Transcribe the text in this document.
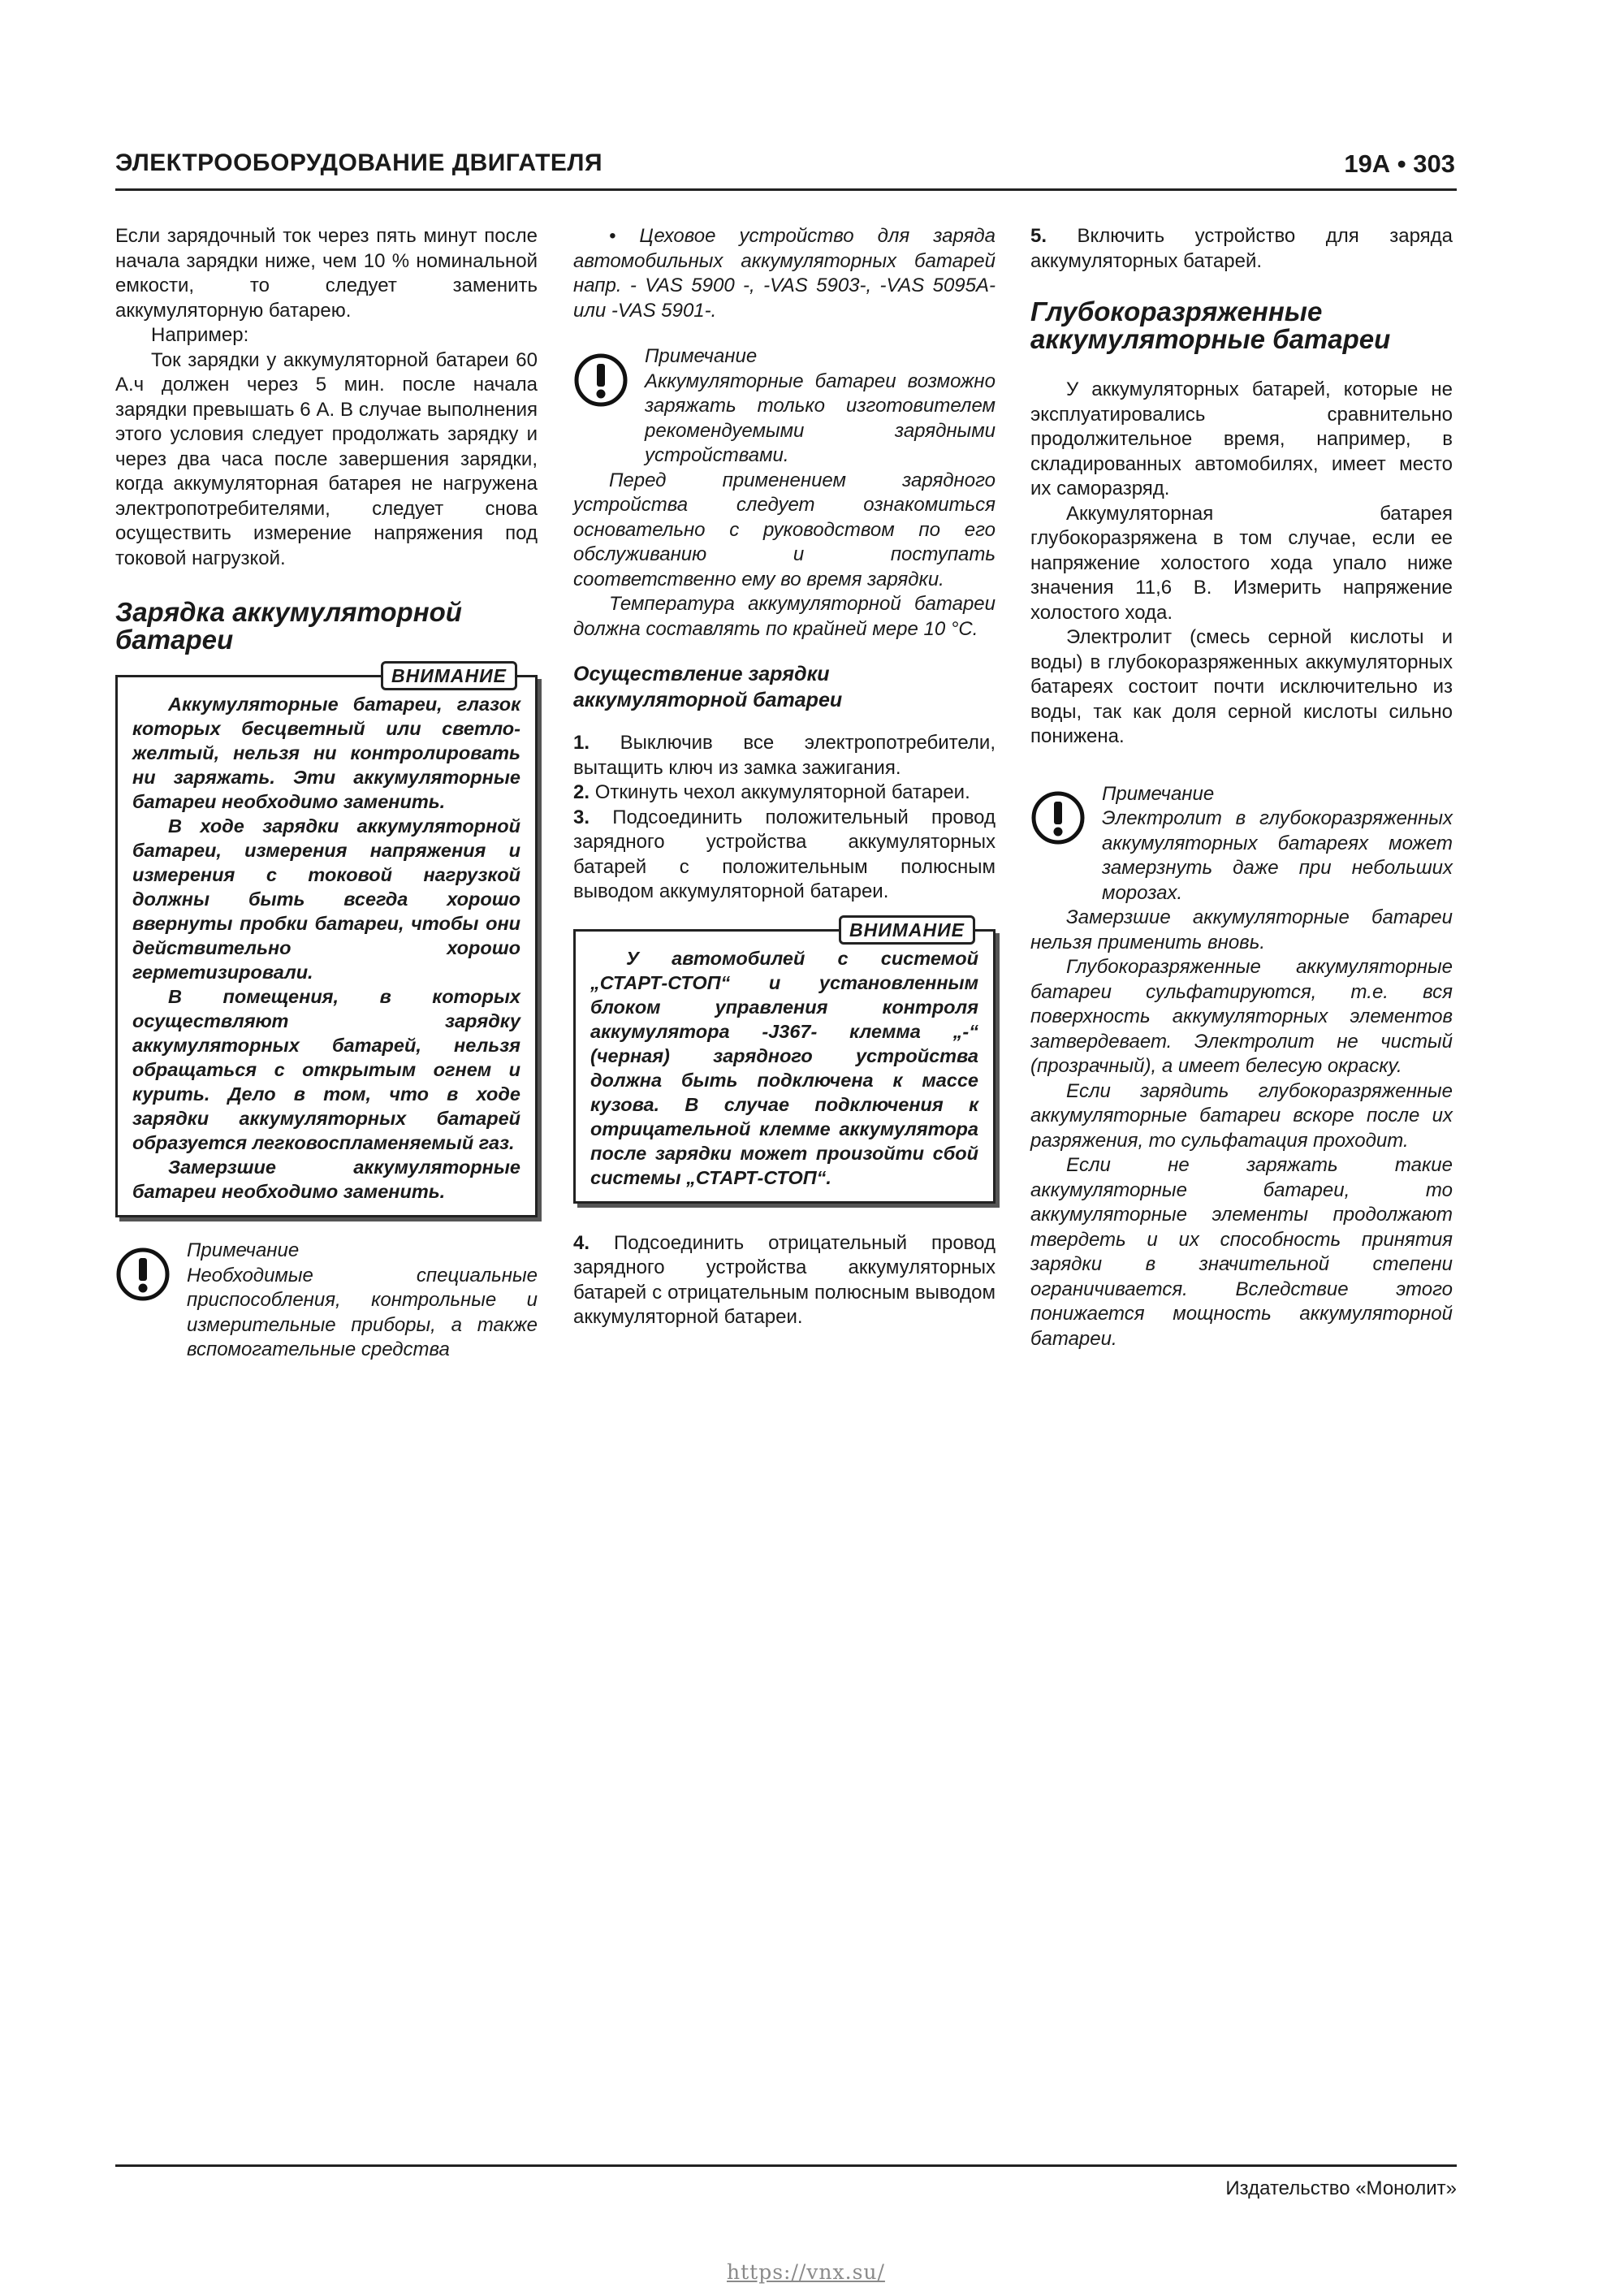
ЭЛЕКТРООБОРУДОВАНИЕ ДВИГАТЕЛЯ	19А • 303

Если зарядочный ток через пять минут после начала зарядки ниже, чем 10 % номинальной емкости, то следует заменить аккумуляторную батарею.

Например:

Ток зарядки у аккумуляторной батареи 60 А.ч должен через 5 мин. после начала зарядки превышать 6 А. В случае выполнения этого условия следует продолжать зарядку и через два часа после завершения зарядки, когда аккумуляторная батарея не нагружена электропотребителями, следует снова осуществить измерение напряжения под токовой нагрузкой.

Зарядка аккумуляторной
батареи

ВНИМАНИЕ

Аккумуляторные батареи, глазок которых бесцветный или светло-желтый, нельзя ни контролировать ни заряжать. Эти аккумуляторные батареи необходимо заменить.

В ходе зарядки аккумуляторной батареи, измерения напряжения и измерения с токовой нагрузкой должны быть всегда хорошо ввернуты пробки батареи, чтобы они действительно хорошо герметизировали.

В помещения, в которых осуществляют зарядку аккумуляторных батарей, нельзя обращаться с открытым огнем и курить. Дело в том, что в ходе зарядки аккумуляторных батарей образуется легковоспламеняемый газ.

Замерзшие аккумуляторные батареи необходимо заменить.

Примечание

Необходимые специальные приспособления, контрольные и измерительные приборы, а также вспомогательные средства

• Цеховое устройство для заряда автомобильных аккумуляторных батарей напр. - VAS 5900 -, -VAS 5903-, -VAS 5095A- или -VAS 5901-.

Примечание

Аккумуляторные батареи возможно заряжать только изготовителем рекомендуемыми зарядными устройствами.

Перед применением зарядного устройства следует ознакомиться основательно с руководством по его обслуживанию и поступать соответственно ему во время зарядки.

Температура аккумуляторной батареи должна составлять по крайней мере 10 °С.

Осуществление зарядки
аккумуляторной батареи

1. Выключив все электропотребители, вытащить ключ из замка зажигания.

2. Откинуть чехол аккумуляторной батареи.

3. Подсоединить положительный провод зарядного устройства аккумуляторных батарей с положительным полюсным выводом аккумуляторной батареи.

ВНИМАНИЕ

У автомобилей с системой „СТАРТ-СТОП“ и установленным блоком управления контроля аккумулятора -J367- клемма „-“ (черная) зарядного устройства должна быть подключена к массе кузова. В случае подключения к отрицательной клемме аккумулятора после зарядки может произойти сбой системы „СТАРТ-СТОП“.

4. Подсоединить отрицательный провод зарядного устройства аккумуляторных батарей с отрицательным полюсным выводом аккумуляторной батареи.

5. Включить устройство для заряда аккумуляторных батарей.

Глубокоразряженные
аккумуляторные батареи

У аккумуляторных батарей, которые не эксплуатировались сравнительно продолжительное время, например, в складированных автомобилях, имеет место их саморазряд.

Аккумуляторная батарея глубокоразряжена в том случае, если ее напряжение холостого хода упало ниже значения 11,6 В. Измерить напряжение холостого хода.

Электролит (смесь серной кислоты и воды) в глубокоразряженных аккумуляторных батареях состоит почти исключительно из воды, так как доля серной кислоты сильно понижена.

Примечание

Электролит в глубокоразряженных аккумуляторных батареях может замерзнуть даже при небольших морозах.

Замерзшие аккумуляторные батареи нельзя применить вновь.

Глубокоразряженные аккумуляторные батареи сульфатируются, т.е. вся поверхность аккумуляторных элементов затвердевает. Электролит не чистый (прозрачный), а имеет белесую окраску.

Если зарядить глубокоразряженные аккумуляторные батареи вскоре после их разряжения, то сульфатация проходит.

Если не заряжать такие аккумуляторные батареи, то аккумуляторные элементы продолжают твердеть и их способность принятия зарядки в значительной степени ограничивается. Вследствие этого понижается мощность аккумуляторной батареи.

Издательство «Монолит»
https://vnx.su/
